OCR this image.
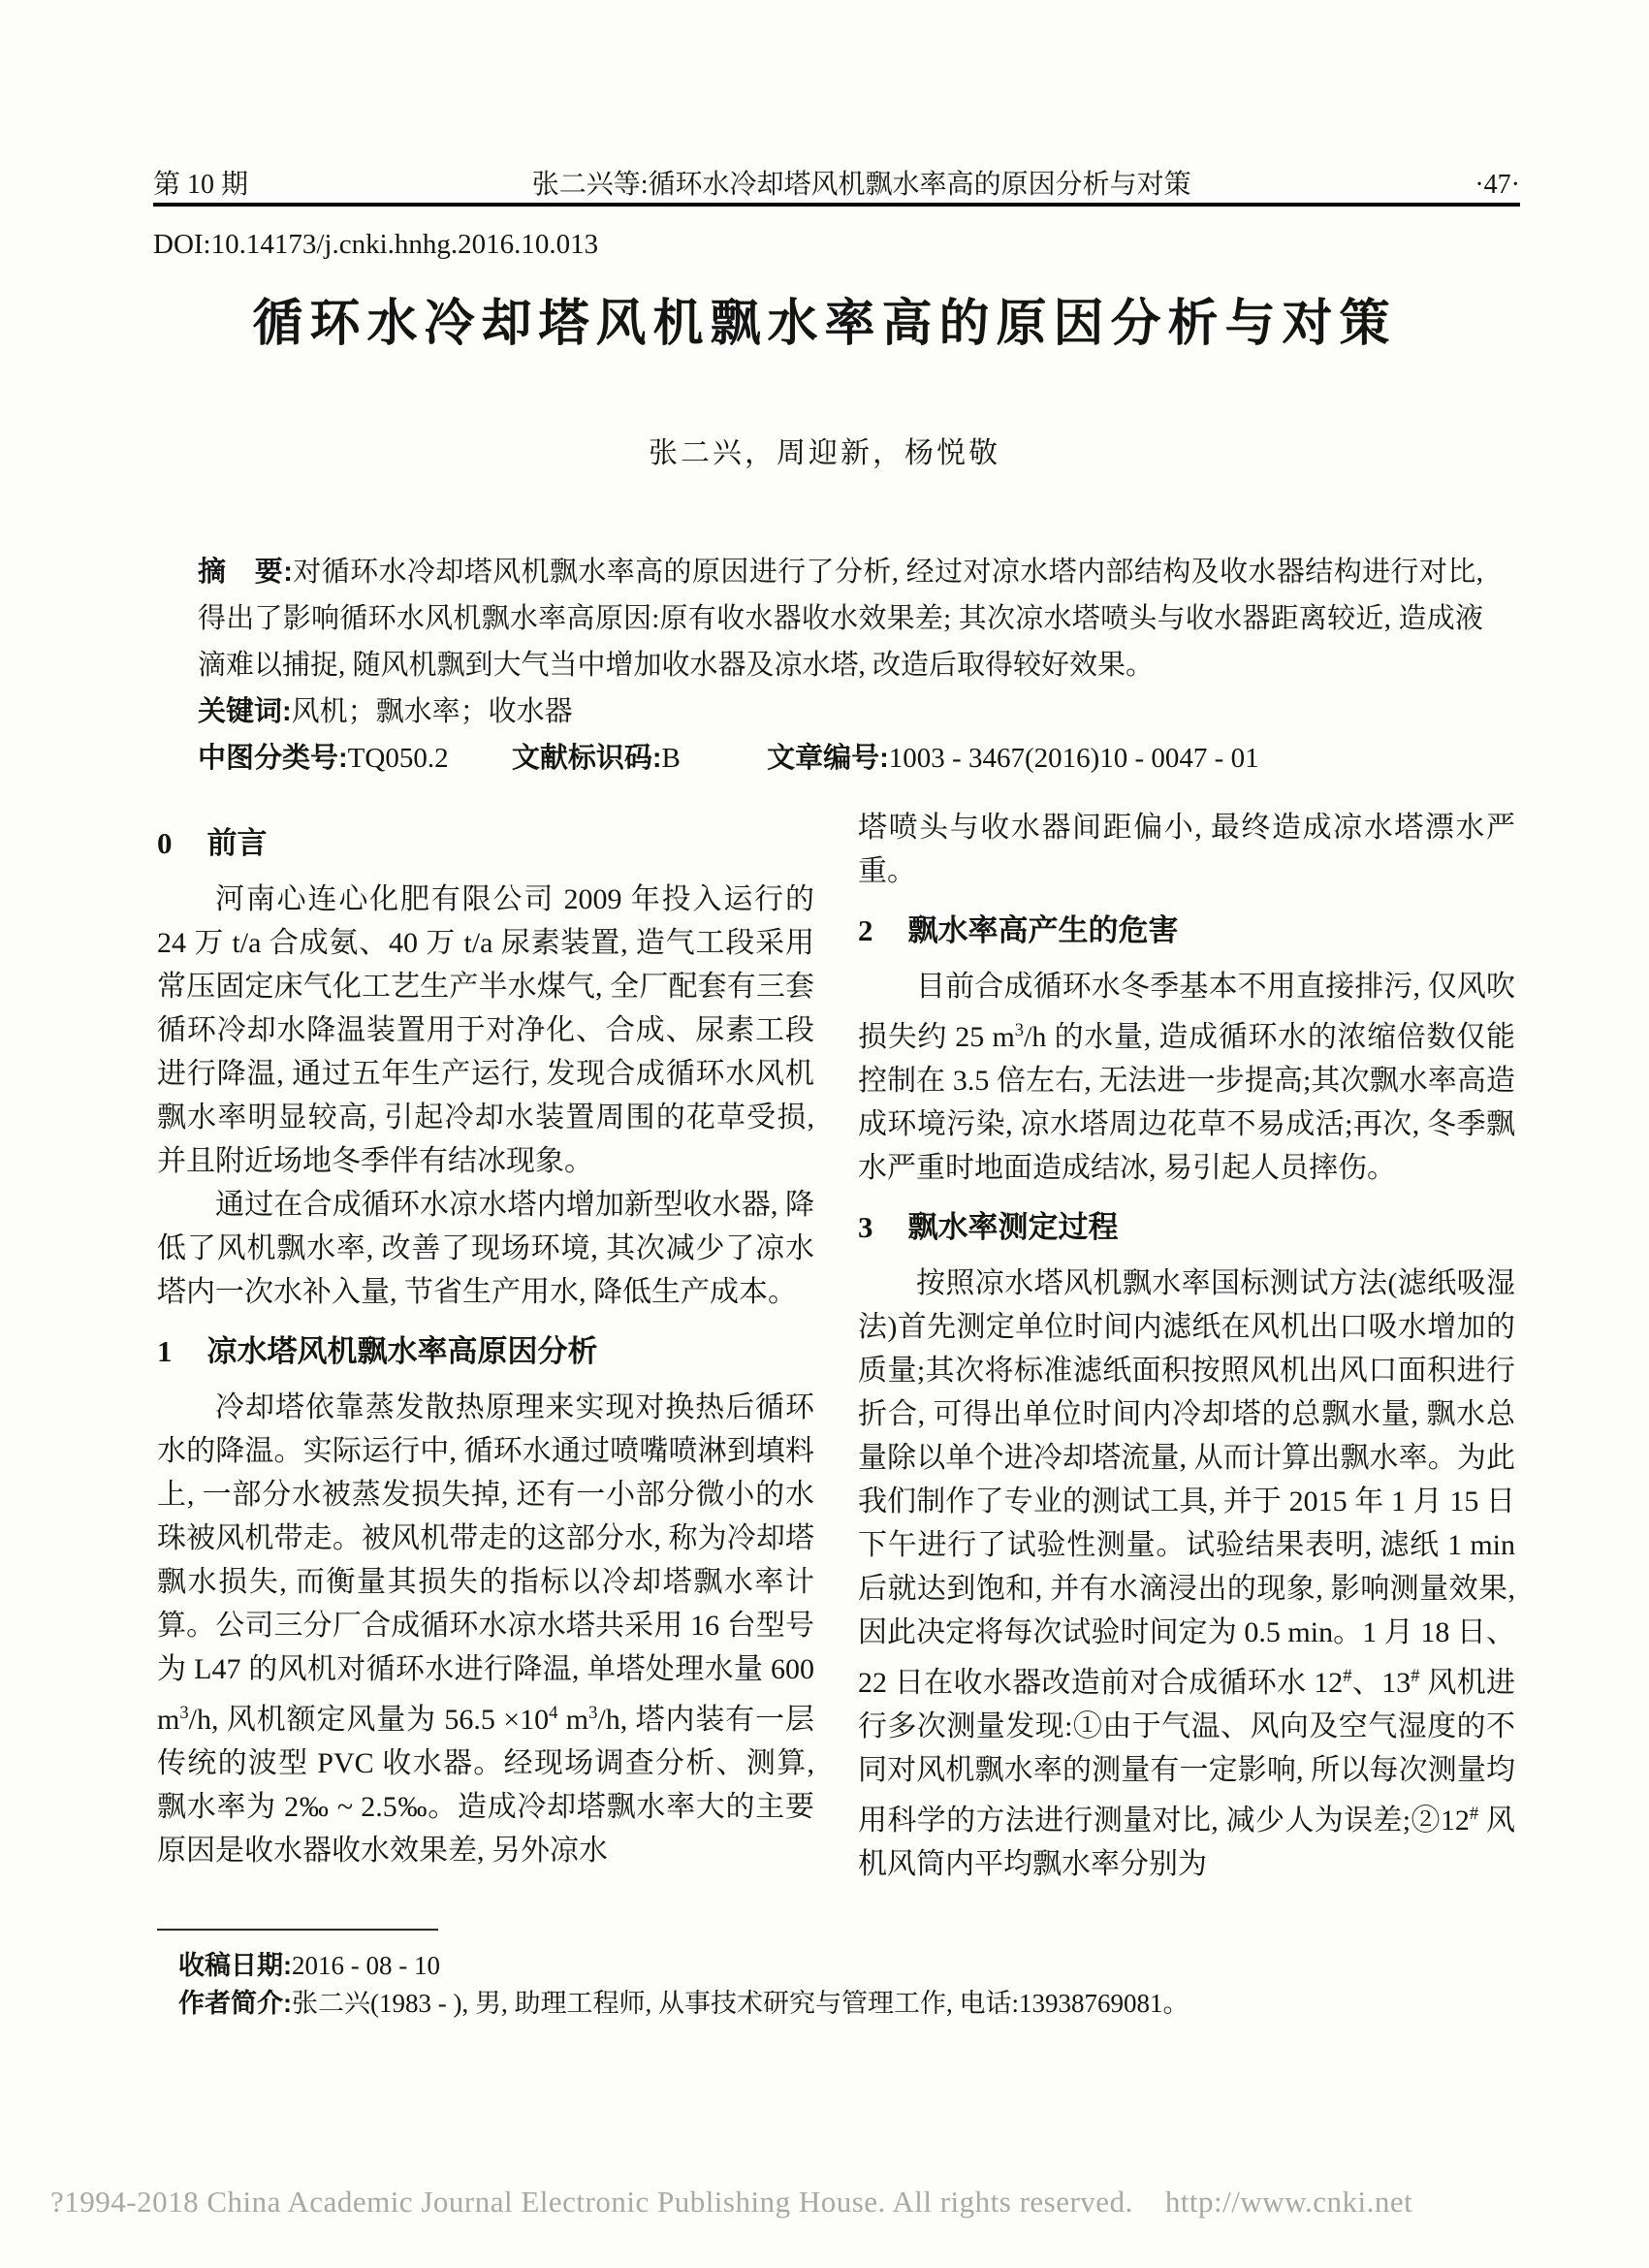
第 10 期	张二兴等:循环水冷却塔风机飘水率高的原因分析与对策	·47·
DOI:10.14173/j.cnki.hnhg.2016.10.013
循环水冷却塔风机飘水率高的原因分析与对策
张二兴，周迎新，杨悦敬

摘　要:对循环水冷却塔风机飘水率高的原因进行了分析, 经过对凉水塔内部结构及收水器结构进行对比, 得出了影响循环水风机飘水率高原因:原有收水器收水效果差; 其次凉水塔喷头与收水器距离较近, 造成液滴难以捕捉, 随风机飘到大气当中增加收水器及凉水塔, 改造后取得较好效果。

关键词:风机；飘水率；收水器

中图分类号:TQ050.2 文献标识码:B	文章编号:1003 - 3467(2016)10 - 0047 - 01

0 前言

河南心连心化肥有限公司 2009 年投入运行的 24 万 t/a 合成氨、40 万 t/a 尿素装置, 造气工段采用常压固定床气化工艺生产半水煤气, 全厂配套有三套循环冷却水降温装置用于对净化、合成、尿素工段进行降温, 通过五年生产运行, 发现合成循环水风机飘水率明显较高, 引起冷却水装置周围的花草受损, 并且附近场地冬季伴有结冰现象。

通过在合成循环水凉水塔内增加新型收水器, 降低了风机飘水率, 改善了现场环境, 其次减少了凉水塔内一次水补入量, 节省生产用水, 降低生产成本。

1 凉水塔风机飘水率高原因分析

冷却塔依靠蒸发散热原理来实现对换热后循环水的降温。实际运行中, 循环水通过喷嘴喷淋到填料上, 一部分水被蒸发损失掉, 还有一小部分微小的水珠被风机带走。被风机带走的这部分水, 称为冷却塔飘水损失, 而衡量其损失的指标以冷却塔飘水率计算。公司三分厂合成循环水凉水塔共采用 16 台型号为 L47 的风机对循环水进行降温, 单塔处理水量 600 $m^3/h$, 风机额定风量为 $56.5 \times 10^4$ $m^3/h$, 塔内装有一层传统的波型 PVC 收水器。经现场调查分析、测算, 飘水率为 2‰ ~ 2.5‰。造成冷却塔飘水率大的主要原因是收水器收水效果差, 另外凉水

塔喷头与收水器间距偏小, 最终造成凉水塔漂水严重。

2 飘水率高产生的危害

目前合成循环水冬季基本不用直接排污, 仅风吹损失约 25 $m^3/h$ 的水量, 造成循环水的浓缩倍数仅能控制在 3.5 倍左右, 无法进一步提高;其次飘水率高造成环境污染, 凉水塔周边花草不易成活;再次, 冬季飘水严重时地面造成结冰, 易引起人员摔伤。

3 飘水率测定过程

按照凉水塔风机飘水率国标测试方法(滤纸吸湿法)首先测定单位时间内滤纸在风机出口吸水增加的质量;其次将标准滤纸面积按照风机出风口面积进行折合, 可得出单位时间内冷却塔的总飘水量, 飘水总量除以单个进冷却塔流量, 从而计算出飘水率。为此我们制作了专业的测试工具, 并于 2015 年 1 月 15 日下午进行了试验性测量。试验结果表明, 滤纸 1 min 后就达到饱和, 并有水滴浸出的现象, 影响测量效果, 因此决定将每次试验时间定为 0.5 min。1 月 18 日、22 日在收水器改造前对合成循环水 12#、13# 风机进行多次测量发现:①由于气温、风向及空气湿度的不同对风机飘水率的测量有一定影响, 所以每次测量均用科学的方法进行测量对比, 减少人为误差;②12# 风机风筒内平均飘水率分别为

收稿日期:2016 - 08 - 10

作者简介:张二兴(1983 - ), 男, 助理工程师, 从事技术研究与管理工作, 电话:13938769081。

?1994-2018 China Academic Journal Electronic Publishing House. All rights reserved.    http://www.cnki.net
